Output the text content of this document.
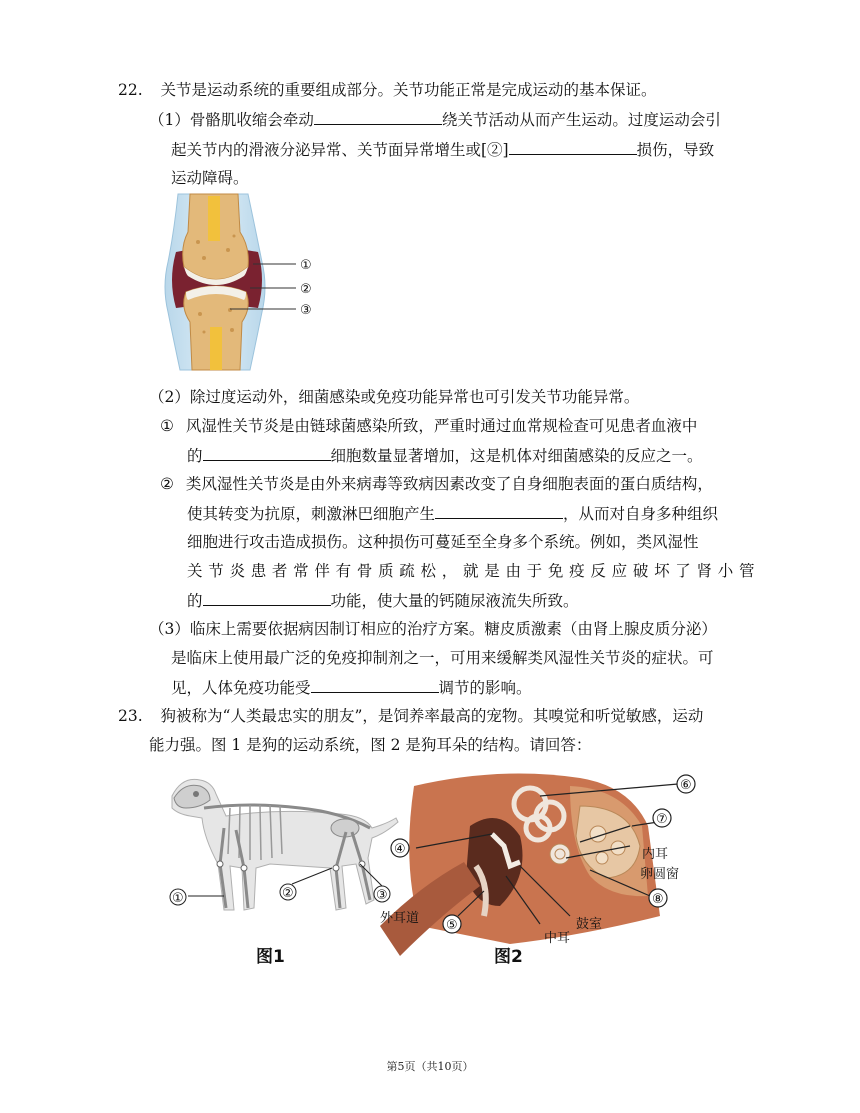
22. 关节是运动系统的重要组成部分。关节功能正常是完成运动的基本保证。
（1）骨骼肌收缩会牵动	绕关节活动从而产生运动。过度运动会引
起关节内的滑液分泌异常、关节面异常增生或[②]	损伤，导致
运动障碍。
①
②
③
（2）除过度运动外，细菌感染或免疫功能异常也可引发关节功能异常。
① 风湿性关节炎是由链球菌感染所致，严重时通过血常规检查可见患者血液中
的	细胞数量显著增加，这是机体对细菌感染的反应之一。
② 类风湿性关节炎是由外来病毒等致病因素改变了自身细胞表面的蛋白质结构，
使其转变为抗原，刺激淋巴细胞产生	，从而对自身多种组织
细胞进行攻击造成损伤。这种损伤可蔓延至全身多个系统。例如，类风湿性
关节炎患者常伴有骨质疏松，就是由于免疫反应破坏了肾小管
的	功能，使大量的钙随尿液流失所致。
（3）临床上需要依据病因制订相应的治疗方案。糖皮质激素（由肾上腺皮质分泌）
是临床上使用最广泛的免疫抑制剂之一，可用来缓解类风湿性关节炎的症状。可
见，人体免疫功能受	调节的影响。
23. 狗被称为“人类最忠实的朋友”，是饲养率最高的宠物。其嗅觉和听觉敏感，运动
能力强。图 1 是狗的运动系统，图 2 是狗耳朵的结构。请回答：
①	②	③
图1
④
⑤
⑥
⑦
⑧
内耳
卵圆窗
外耳道
中耳
鼓室
图2
第5页（共10页）
